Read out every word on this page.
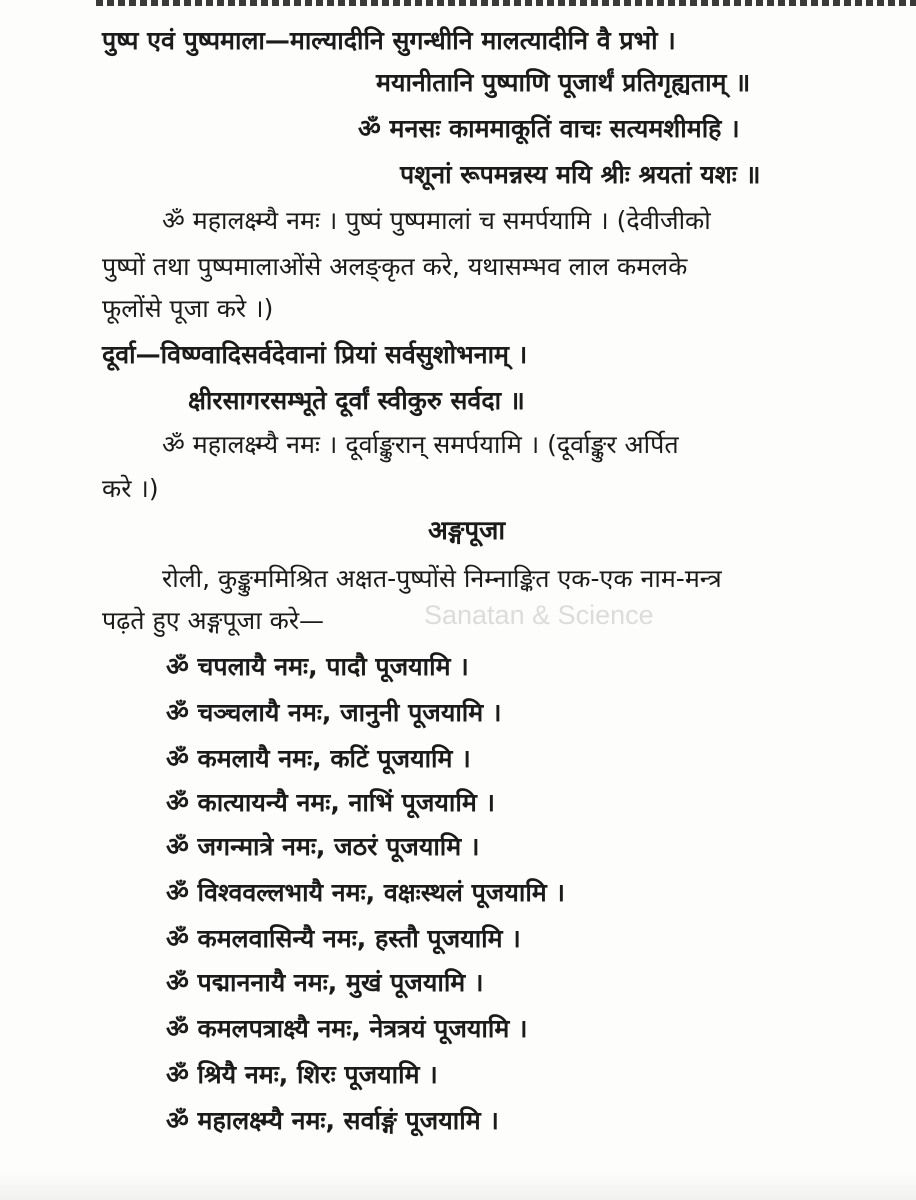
पुष्प एवं पुष्पमाला—माल्यादीनि सुगन्धीनि मालत्यादीनि वै प्रभो ।
मयानीतानि पुष्पाणि पूजार्थं प्रतिगृह्यताम् ॥
ॐ मनसः काममाकूतिं वाचः सत्यमशीमहि ।
पशूनां रूपमन्नस्य मयि श्रीः श्रयतां यशः ॥
ॐ महालक्ष्म्यै नमः । पुष्पं पुष्पमालां च समर्पयामि । (देवीजीको
पुष्पों तथा पुष्पमालाओंसे अलङ्कृत करे, यथासम्भव लाल कमलके
फूलोंसे पूजा करे ।)
दूर्वा—विष्ण्वादिसर्वदेवानां प्रियां सर्वसुशोभनाम् ।
क्षीरसागरसम्भूते दूर्वां स्वीकुरु सर्वदा ॥
ॐ महालक्ष्म्यै नमः । दूर्वाङ्कुरान् समर्पयामि । (दूर्वाङ्कुर अर्पित
करे ।)
अङ्गपूजा
रोली, कुङ्कुममिश्रित अक्षत-पुष्पोंसे निम्नाङ्कित एक-एक नाम-मन्त्र
पढ़ते हुए अङ्गपूजा करे—	Sanatan & Science
ॐ चपलायै नमः, पादौ पूजयामि ।
ॐ चञ्चलायै नमः, जानुनी पूजयामि ।
ॐ कमलायै नमः, कटिं पूजयामि ।
ॐ कात्यायन्यै नमः, नाभिं पूजयामि ।
ॐ जगन्मात्रे नमः, जठरं पूजयामि ।
ॐ विश्ववल्लभायै नमः, वक्षःस्थलं पूजयामि ।
ॐ कमलवासिन्यै नमः, हस्तौ पूजयामि ।
ॐ पद्माननायै नमः, मुखं पूजयामि ।
ॐ कमलपत्राक्ष्यै नमः, नेत्रत्रयं पूजयामि ।
ॐ श्रियै नमः, शिरः पूजयामि ।
ॐ महालक्ष्म्यै नमः, सर्वाङ्गं पूजयामि ।
